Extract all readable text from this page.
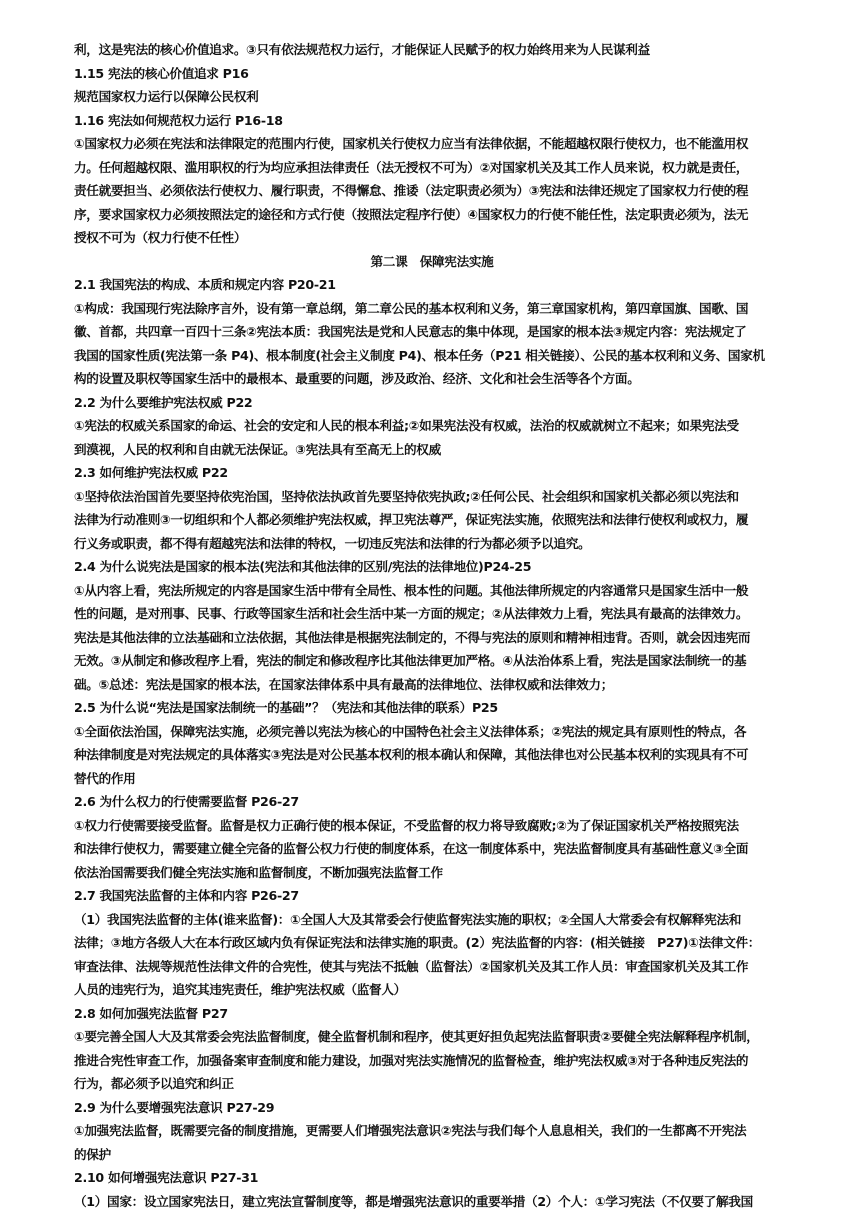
利，这是宪法的核心价值追求。③只有依法规范权力运行，才能保证人民赋予的权力始终用来为人民谋利益
1.15 宪法的核心价值追求 P16
规范国家权力运行以保障公民权利
1.16 宪法如何规范权力运行 P16-18
①国家权力必须在宪法和法律限定的范围内行使，国家机关行使权力应当有法律依据，不能超越权限行使权力，也不能滥用权
力。任何超越权限、滥用职权的行为均应承担法律责任（法无授权不可为）②对国家机关及其工作人员来说，权力就是责任，
责任就要担当、必须依法行使权力、履行职责，不得懈怠、推诿（法定职责必须为）③宪法和法律还规定了国家权力行使的程
序，要求国家权力必须按照法定的途径和方式行使（按照法定程序行使）④国家权力的行使不能任性，法定职责必须为，法无
授权不可为（权力行使不任性）
第二课　保障宪法实施
2.1 我国宪法的构成、本质和规定内容 P20-21
①构成：我国现行宪法除序言外，设有第一章总纲，第二章公民的基本权利和义务，第三章国家机构，第四章国旗、国歌、国
徽、首都，共四章一百四十三条②宪法本质：我国宪法是党和人民意志的集中体现，是国家的根本法③规定内容：宪法规定了
我国的国家性质(宪法第一条 P4)、根本制度(社会主义制度 P4)、根本任务（P21 相关链接）、公民的基本权利和义务、国家机
构的设置及职权等国家生活中的最根本、最重要的问题，涉及政治、经济、文化和社会生活等各个方面。
2.2 为什么要维护宪法权威 P22
①宪法的权威关系国家的命运、社会的安定和人民的根本利益;②如果宪法没有权威，法治的权威就树立不起来；如果宪法受
到漠视，人民的权利和自由就无法保证。③宪法具有至高无上的权威
2.3 如何维护宪法权威 P22
①坚持依法治国首先要坚持依宪治国，坚持依法执政首先要坚持依宪执政;②任何公民、社会组织和国家机关都必须以宪法和
法律为行动准则③一切组织和个人都必须维护宪法权威，捍卫宪法尊严，保证宪法实施，依照宪法和法律行使权利或权力，履
行义务或职责，都不得有超越宪法和法律的特权，一切违反宪法和法律的行为都必须予以追究。
2.4 为什么说宪法是国家的根本法(宪法和其他法律的区别/宪法的法律地位)P24-25
①从内容上看，宪法所规定的内容是国家生活中带有全局性、根本性的问题。其他法律所规定的内容通常只是国家生活中一般
性的问题，是对刑事、民事、行政等国家生活和社会生活中某一方面的规定；②从法律效力上看，宪法具有最高的法律效力。
宪法是其他法律的立法基础和立法依据，其他法律是根据宪法制定的，不得与宪法的原则和精神相违背。否则，就会因违宪而
无效。③从制定和修改程序上看，宪法的制定和修改程序比其他法律更加严格。④从法治体系上看，宪法是国家法制统一的基
础。⑤总述：宪法是国家的根本法，在国家法律体系中具有最高的法律地位、法律权威和法律效力；
2.5 为什么说“宪法是国家法制统一的基础”？（宪法和其他法律的联系）P25
①全面依法治国，保障宪法实施，必须完善以宪法为核心的中国特色社会主义法律体系；②宪法的规定具有原则性的特点，各
种法律制度是对宪法规定的具体落实③宪法是对公民基本权利的根本确认和保障，其他法律也对公民基本权利的实现具有不可
替代的作用
2.6 为什么权力的行使需要监督 P26-27
①权力行使需要接受监督。监督是权力正确行使的根本保证，不受监督的权力将导致腐败;②为了保证国家机关严格按照宪法
和法律行使权力，需要建立健全完备的监督公权力行使的制度体系，在这一制度体系中，宪法监督制度具有基础性意义③全面
依法治国需要我们健全宪法实施和监督制度，不断加强宪法监督工作
2.7 我国宪法监督的主体和内容 P26-27
（1）我国宪法监督的主体(谁来监督)：①全国人大及其常委会行使监督宪法实施的职权；②全国人大常委会有权解释宪法和
法律；③地方各级人大在本行政区域内负有保证宪法和法律实施的职责。(2）宪法监督的内容：(相关链接　P27)①法律文件：
审查法律、法规等规范性法律文件的合宪性，使其与宪法不抵触（监督法）②国家机关及其工作人员：审查国家机关及其工作
人员的违宪行为，追究其违宪责任，维护宪法权威（监督人）
2.8 如何加强宪法监督 P27
①要完善全国人大及其常委会宪法监督制度，健全监督机制和程序，使其更好担负起宪法监督职责②要健全宪法解释程序机制，
推进合宪性审查工作，加强备案审查制度和能力建设，加强对宪法实施情况的监督检查，维护宪法权威③对于各种违反宪法的
行为，都必须予以追究和纠正
2.9 为什么要增强宪法意识 P27-29
①加强宪法监督，既需要完备的制度措施，更需要人们增强宪法意识②宪法与我们每个人息息相关，我们的一生都离不开宪法
的保护
2.10 如何增强宪法意识 P27-31
（1）国家：设立国家宪法日，建立宪法宣誓制度等，都是增强宪法意识的重要举措（2）个人：①学习宪法（不仅要了解我国
